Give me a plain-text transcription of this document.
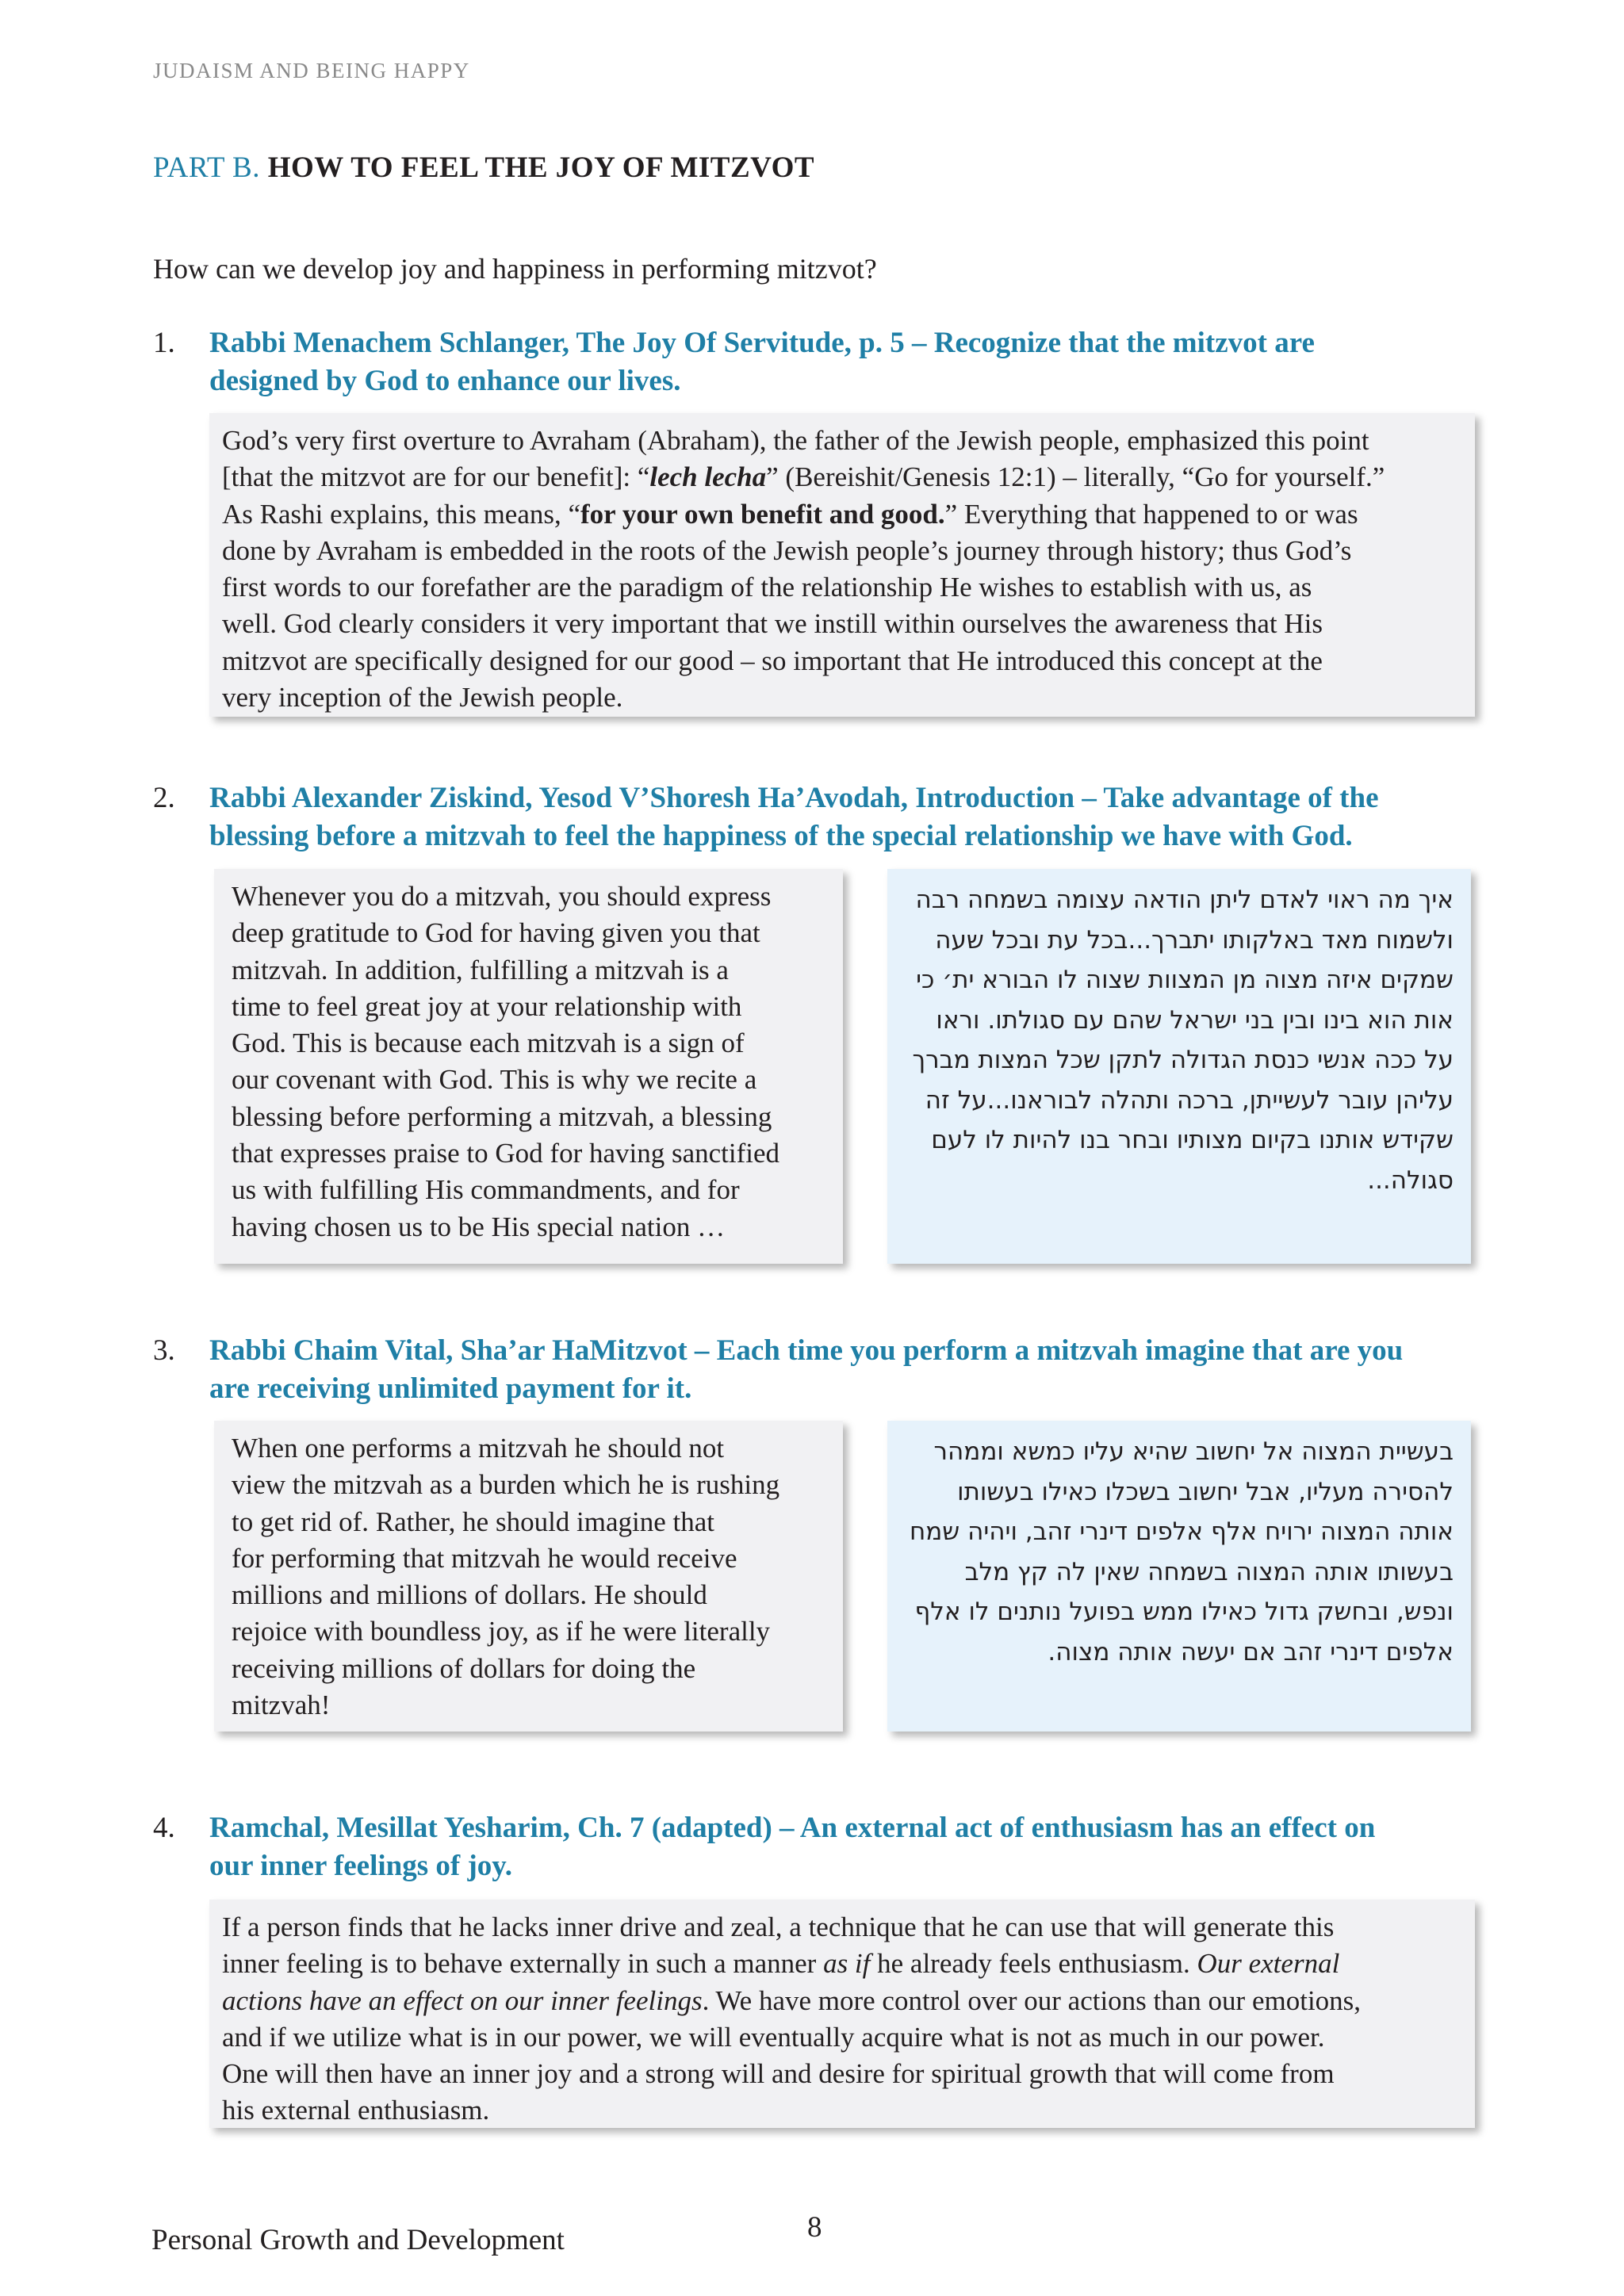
JUDAISM AND BEING HAPPY
PART B. HOW TO FEEL THE JOY OF MITZVOT
How can we develop joy and happiness in performing mitzvot?
1. Rabbi Menachem Schlanger, The Joy Of Servitude, p. 5 – Recognize that the mitzvot are
designed by God to enhance our lives.
God’s very first overture to Avraham (Abraham), the father of the Jewish people, emphasized this point
[that the mitzvot are for our benefit]: “lech lecha” (Bereishit/Genesis 12:1) – literally, “Go for yourself.”
As Rashi explains, this means, “for your own benefit and good.” Everything that happened to or was
done by Avraham is embedded in the roots of the Jewish people’s journey through history; thus God’s
first words to our forefather are the paradigm of the relationship He wishes to establish with us, as
well. God clearly considers it very important that we instill within ourselves the awareness that His
mitzvot are specifically designed for our good – so important that He introduced this concept at the
very inception of the Jewish people.
2. Rabbi Alexander Ziskind, Yesod V’Shoresh Ha’Avodah, Introduction – Take advantage of the
blessing before a mitzvah to feel the happiness of the special relationship we have with God.
Whenever you do a mitzvah, you should express
deep gratitude to God for having given you that
mitzvah. In addition, fulfilling a mitzvah is a
time to feel great joy at your relationship with
God. This is because each mitzvah is a sign of
our covenant with God. This is why we recite a
blessing before performing a mitzvah, a blessing
that expresses praise to God for having sanctified
us with fulfilling His commandments, and for
having chosen us to be His special nation …
איך מה ראוי לאדם ליתן הודאה עצומה בשמחה רבה
ולשמוח מאד באלקותו יתברך...בכל עת ובכל שעה
שמקים איזה מצוה מן המצוות שצוה לו הבורא ית׳ כי
אות הוא בינו ובין בני ישראל שהם עם סגולתו. וראו
על ככה אנשי כנסת הגדולה לתקן שכל המצות מברך
עליהן עובר לעשייתן, ברכה ותהלה לבוראנו...על זה
שקידש אותנו בקיום מצותיו ובחר בנו להיות לו לעם
סגולה...
3. Rabbi Chaim Vital, Sha’ar HaMitzvot – Each time you perform a mitzvah imagine that are you
are receiving unlimited payment for it.
When one performs a mitzvah he should not
view the mitzvah as a burden which he is rushing
to get rid of. Rather, he should imagine that
for performing that mitzvah he would receive
millions and millions of dollars. He should
rejoice with boundless joy, as if he were literally
receiving millions of dollars for doing the
mitzvah!
בעשיית המצוה אל יחשוב שהיא עליו כמשא וממהר
להסירה מעליו, אבל יחשוב בשכלו כאילו בעשותו
אותה המצוה ירויח אלף אלפים דינרי זהב, ויהיה שמח
בעשותו אותה המצוה בשמחה שאין לה קץ מלב
ונפש, ובחשק גדול כאילו ממש בפועל נותנים לו אלף
אלפים דינרי זהב אם יעשה אותה מצוה.
4. Ramchal, Mesillat Yesharim, Ch. 7 (adapted) – An external act of enthusiasm has an effect on
our inner feelings of joy.
If a person finds that he lacks inner drive and zeal, a technique that he can use that will generate this
inner feeling is to behave externally in such a manner as if he already feels enthusiasm. Our external
actions have an effect on our inner feelings. We have more control over our actions than our emotions,
and if we utilize what is in our power, we will eventually acquire what is not as much in our power.
One will then have an inner joy and a strong will and desire for spiritual growth that will come from
his external enthusiasm.
Personal Growth and Development	8
